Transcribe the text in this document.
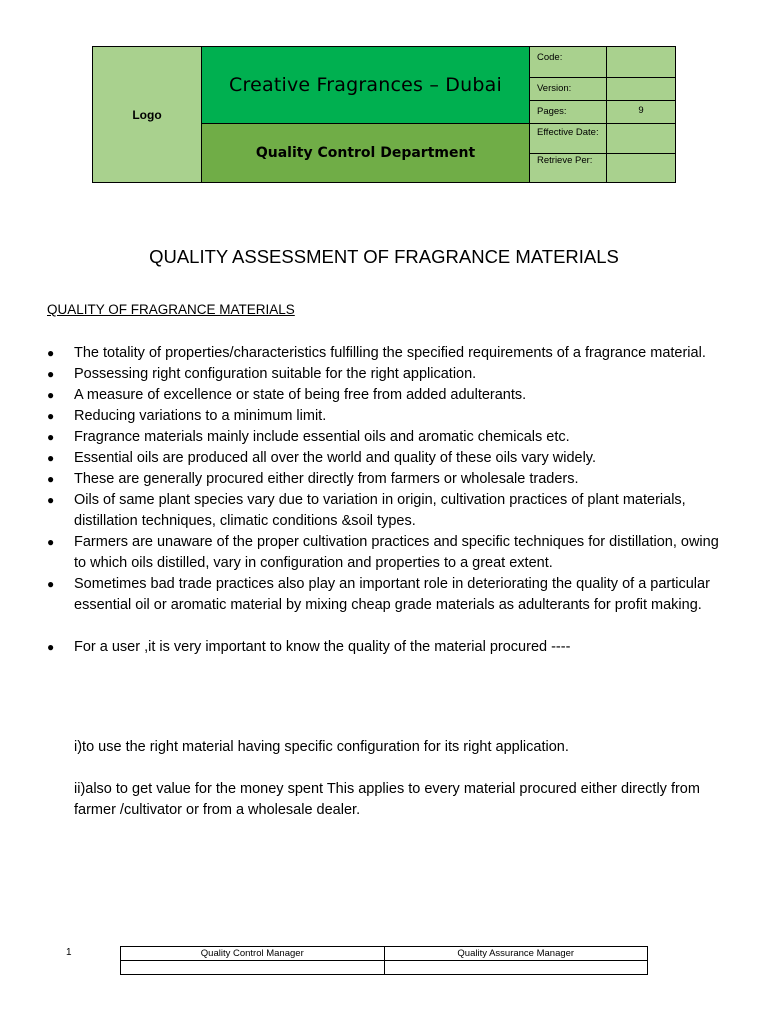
Logo
Creative Fragrances – Dubai
Quality Control Department
Code:
Version:
Pages:	9
Effective Date:
Retrieve Per:
QUALITY ASSESSMENT OF FRAGRANCE MATERIALS
QUALITY OF FRAGRANCE MATERIALS
● The totality of properties/characteristics fulfilling the specified requirements of a fragrance material.
● Possessing right configuration suitable for the right application.
● A measure of excellence or state of being free from added adulterants.
● Reducing variations to a minimum limit.
● Fragrance materials mainly include essential oils and aromatic chemicals etc.
● Essential oils are produced all over the world and quality of these oils vary widely.
● These are generally procured either directly from farmers or wholesale traders.
● Oils of same plant species vary due to variation in origin, cultivation practices of plant materials, distillation techniques, climatic conditions &soil types.
● Farmers are unaware of the proper cultivation practices and specific techniques for distillation, owing to which oils distilled, vary in configuration and properties to a great extent.
● Sometimes bad trade practices also play an important role in deteriorating the quality of a particular essential oil or aromatic material by mixing cheap grade materials as adulterants for profit making.
● For a user ,it is very important to know the quality of the material procured ----
i)to use the right material having specific configuration for its right application.
ii)also to get value for the money spent This applies to every material procured either directly from farmer /cultivator or from a wholesale dealer.
1	Quality Control Manager	Quality Assurance Manager
